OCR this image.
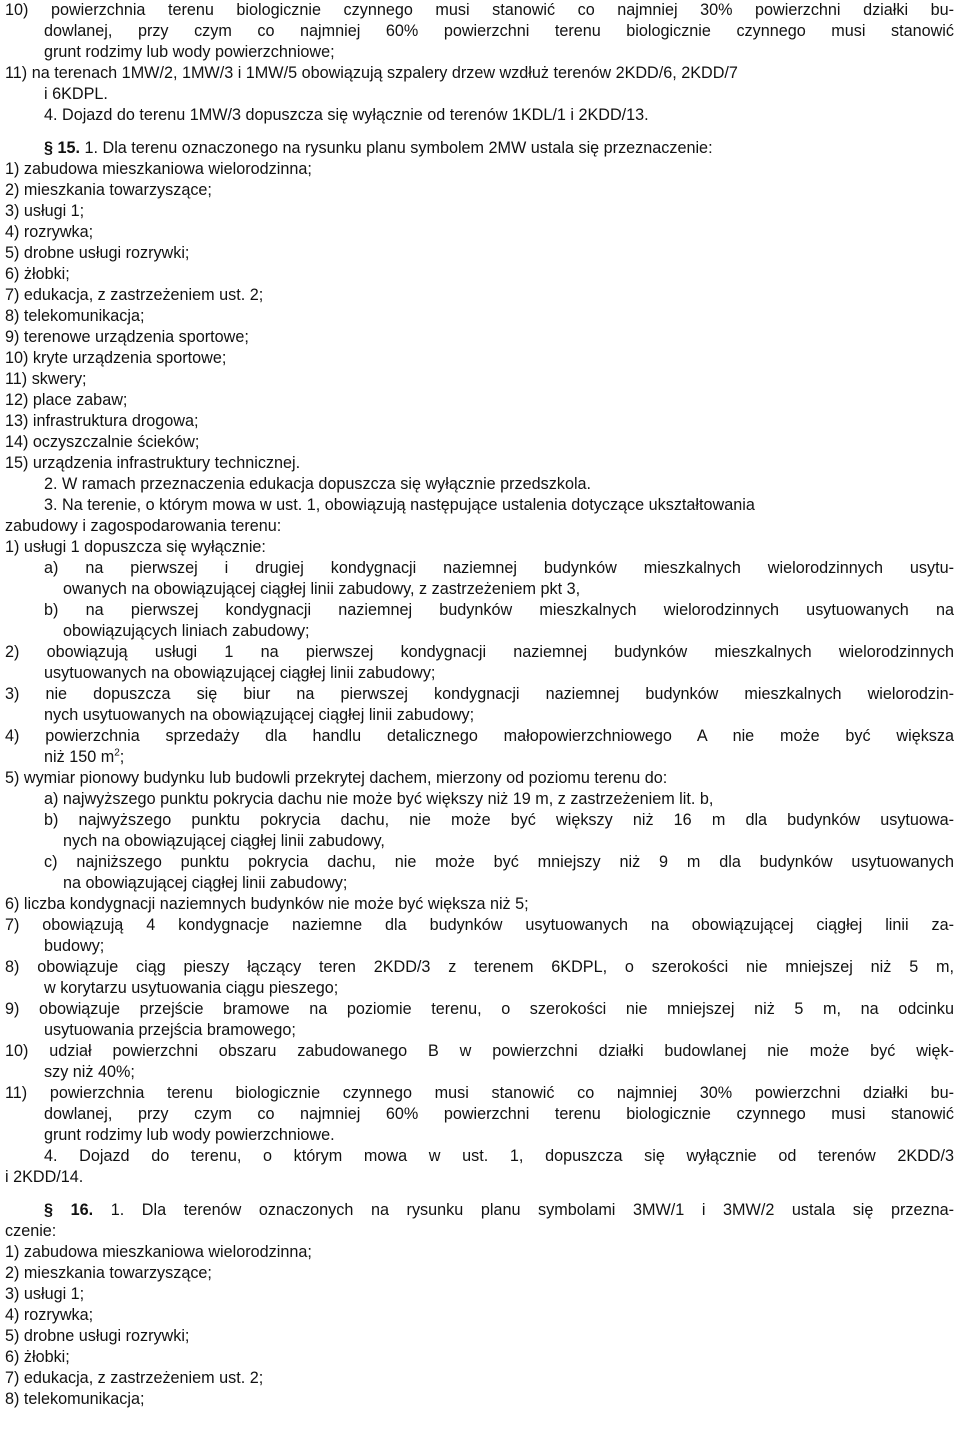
10) powierzchnia terenu biologicznie czynnego musi stanowić co najmniej 30% powierzchni działki bu-
dowlanej, przy czym co najmniej 60% powierzchni terenu biologicznie czynnego musi stanowić
grunt rodzimy lub wody powierzchniowe;
11) na terenach 1MW/2, 1MW/3 i 1MW/5 obowiązują szpalery drzew wzdłuż terenów 2KDD/6, 2KDD/7
i 6KDPL.
4. Dojazd do terenu 1MW/3 dopuszcza się wyłącznie od terenów 1KDL/1 i 2KDD/13.
§ 15. 1. Dla terenu oznaczonego na rysunku planu symbolem 2MW ustala się przeznaczenie:
1) zabudowa mieszkaniowa wielorodzinna;
2) mieszkania towarzyszące;
3) usługi 1;
4) rozrywka;
5) drobne usługi rozrywki;
6) żłobki;
7) edukacja, z zastrzeżeniem ust. 2;
8) telekomunikacja;
9) terenowe urządzenia sportowe;
10) kryte urządzenia sportowe;
11) skwery;
12) place zabaw;
13) infrastruktura drogowa;
14) oczyszczalnie ścieków;
15) urządzenia infrastruktury technicznej.
2. W ramach przeznaczenia edukacja dopuszcza się wyłącznie przedszkola.
3. Na terenie, o którym mowa w ust. 1, obowiązują następujące ustalenia dotyczące ukształtowania
zabudowy i zagospodarowania terenu:
1) usługi 1 dopuszcza się wyłącznie:
a) na pierwszej i drugiej kondygnacji naziemnej budynków mieszkalnych wielorodzinnych usytu-
owanych na obowiązującej ciągłej linii zabudowy, z zastrzeżeniem pkt 3,
b) na pierwszej kondygnacji naziemnej budynków mieszkalnych wielorodzinnych usytuowanych na
obowiązujących liniach zabudowy;
2) obowiązują usługi 1 na pierwszej kondygnacji naziemnej budynków mieszkalnych wielorodzinnych
usytuowanych na obowiązującej ciągłej linii zabudowy;
3) nie dopuszcza się biur na pierwszej kondygnacji naziemnej budynków mieszkalnych wielorodzin-
nych usytuowanych na obowiązującej ciągłej linii zabudowy;
4) powierzchnia sprzedaży dla handlu detalicznego małopowierzchniowego A nie może być większa
niż 150 $m^2$;
5) wymiar pionowy budynku lub budowli przekrytej dachem, mierzony od poziomu terenu do:
a) najwyższego punktu pokrycia dachu nie może być większy niż 19 m, z zastrzeżeniem lit. b,
b) najwyższego punktu pokrycia dachu, nie może być większy niż 16 m dla budynków usytuowa-
nych na obowiązującej ciągłej linii zabudowy,
c) najniższego punktu pokrycia dachu, nie może być mniejszy niż 9 m dla budynków usytuowanych
na obowiązującej ciągłej linii zabudowy;
6) liczba kondygnacji naziemnych budynków nie może być większa niż 5;
7) obowiązują 4 kondygnacje naziemne dla budynków usytuowanych na obowiązującej ciągłej linii za-
budowy;
8) obowiązuje ciąg pieszy łączący teren 2KDD/3 z terenem 6KDPL, o szerokości nie mniejszej niż 5 m,
w korytarzu usytuowania ciągu pieszego;
9) obowiązuje przejście bramowe na poziomie terenu, o szerokości nie mniejszej niż 5 m, na odcinku
usytuowania przejścia bramowego;
10) udział powierzchni obszaru zabudowanego B w powierzchni działki budowlanej nie może być więk-
szy niż 40%;
11) powierzchnia terenu biologicznie czynnego musi stanowić co najmniej 30% powierzchni działki bu-
dowlanej, przy czym co najmniej 60% powierzchni terenu biologicznie czynnego musi stanowić
grunt rodzimy lub wody powierzchniowe.
4. Dojazd do terenu, o którym mowa w ust. 1, dopuszcza się wyłącznie od terenów 2KDD/3
i 2KDD/14.
§ 16. 1. Dla terenów oznaczonych na rysunku planu symbolami 3MW/1 i 3MW/2 ustala się przezna-
czenie:
1) zabudowa mieszkaniowa wielorodzinna;
2) mieszkania towarzyszące;
3) usługi 1;
4) rozrywka;
5) drobne usługi rozrywki;
6) żłobki;
7) edukacja, z zastrzeżeniem ust. 2;
8) telekomunikacja;
